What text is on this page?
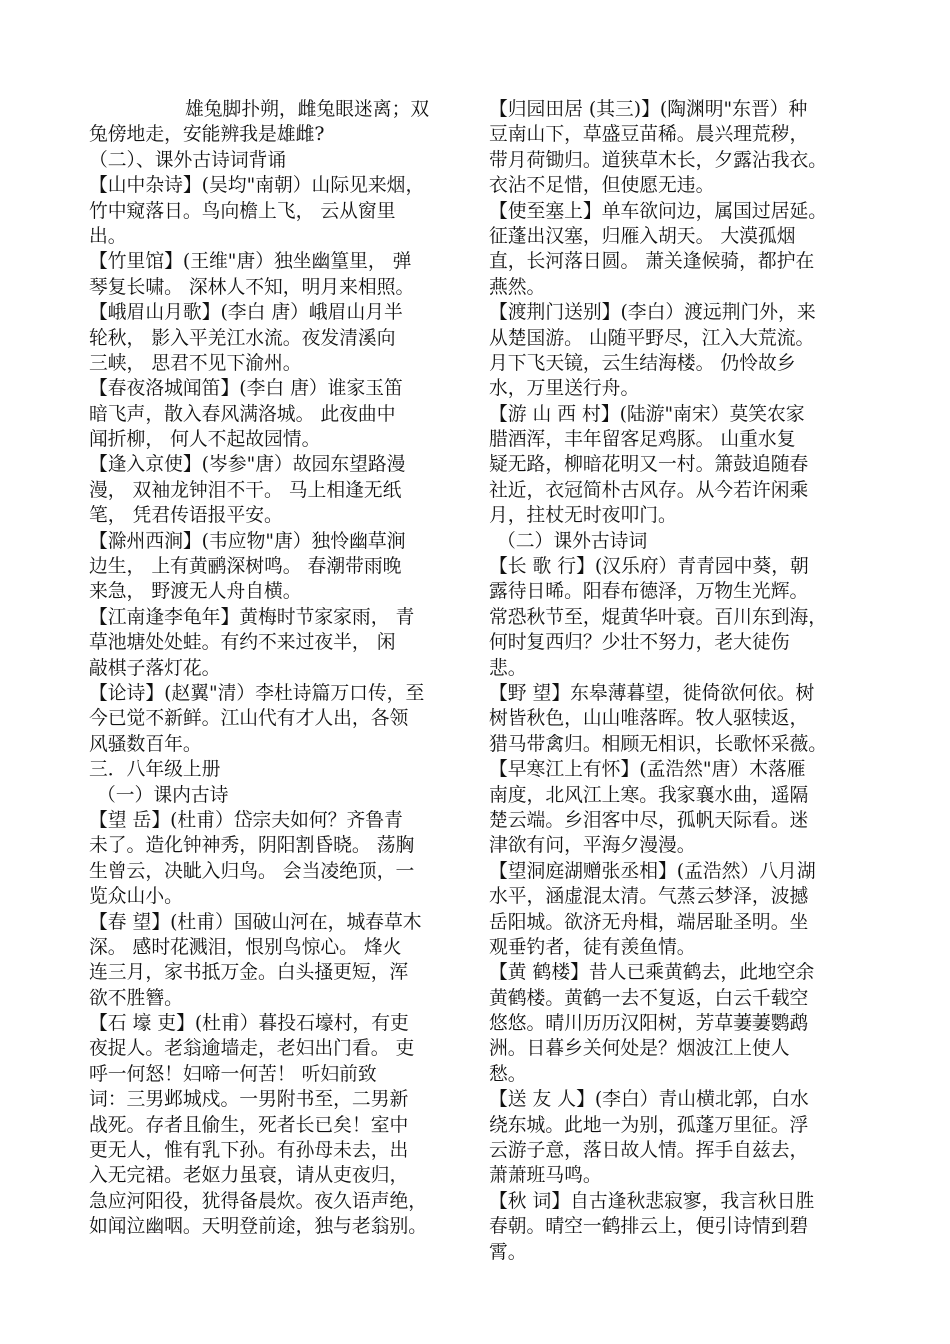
雄兔脚扑朔，雌兔眼迷离；双
兔傍地走，安能辨我是雄雌?
（二）、课外古诗词背诵
【山中杂诗】(吴均"南朝）山际见来烟，
竹中窥落日。鸟向檐上飞， 云从窗里
出。
【竹里馆】(王维"唐）独坐幽篁里， 弹
琴复长啸。 深林人不知，明月来相照。
【峨眉山月歌】(李白 唐）峨眉山月半
轮秋， 影入平羌江水流。夜发清溪向
三峡， 思君不见下渝州。
【春夜洛城闻笛】(李白 唐）谁家玉笛
暗飞声，散入春风满洛城。 此夜曲中
闻折柳， 何人不起故园情。
【逢入京使】(岑参"唐）故园东望路漫
漫， 双袖龙钟泪不干。 马上相逢无纸
笔， 凭君传语报平安。
【滁州西涧】(韦应物"唐）独怜幽草涧
边生， 上有黄鹂深树鸣。 春潮带雨晚
来急， 野渡无人舟自横。
【江南逢李龟年】黄梅时节家家雨， 青
草池塘处处蛙。有约不来过夜半， 闲
敲棋子落灯花。
【论诗】(赵翼"清）李杜诗篇万口传，至
今已觉不新鲜。江山代有才人出，各领
风骚数百年。
三．八年级上册
（一）课内古诗
【望 岳】(杜甫）岱宗夫如何？齐鲁青
未了。造化钟神秀，阴阳割昏晓。 荡胸
生曾云，决眦入归鸟。 会当凌绝顶，一
览众山小。
【春 望】(杜甫）国破山河在，城春草木
深。 感时花溅泪，恨别鸟惊心。 烽火
连三月，家书抵万金。白头搔更短，浑
欲不胜簪。
【石 壕 吏】(杜甫）暮投石壕村，有吏
夜捉人。老翁逾墙走，老妇出门看。 吏
呼一何怒！妇啼一何苦！ 听妇前致
词：三男邺城戍。一男附书至，二男新
战死。存者且偷生，死者长已矣！室中
更无人，惟有乳下孙。有孙母未去，出
入无完裙。老妪力虽衰，请从吏夜归，
急应河阳役，犹得备晨炊。夜久语声绝，
如闻泣幽咽。天明登前途，独与老翁别。
【归园田居 (其三)】(陶渊明"东晋）种
豆南山下，草盛豆苗稀。晨兴理荒秽，
带月荷锄归。道狭草木长，夕露沾我衣。
衣沾不足惜，但使愿无违。
【使至塞上】单车欲问边，属国过居延。
征蓬出汉塞，归雁入胡天。 大漠孤烟
直，长河落日圆。 萧关逢候骑，都护在
燕然。
【渡荆门送别】(李白）渡远荆门外，来
从楚国游。 山随平野尽，江入大荒流。
月下飞天镜，云生结海楼。 仍怜故乡
水，万里送行舟。
【游 山 西 村】(陆游"南宋）莫笑农家
腊酒浑，丰年留客足鸡豚。 山重水复
疑无路，柳暗花明又一村。箫鼓追随春
社近，衣冠简朴古风存。从今若许闲乘
月，拄杖无时夜叩门。
（二）课外古诗词
【长 歌 行】(汉乐府）青青园中葵，朝
露待日晞。阳春布德泽，万物生光辉。
常恐秋节至，焜黄华叶衰。百川东到海，
何时复西归？少壮不努力，老大徒伤
悲。
【野 望】东皋薄暮望，徙倚欲何依。树
树皆秋色，山山唯落晖。牧人驱犊返，
猎马带禽归。相顾无相识，长歌怀采薇。
【早寒江上有怀】(孟浩然"唐）木落雁
南度，北风江上寒。我家襄水曲，遥隔
楚云端。乡泪客中尽，孤帆天际看。迷
津欲有问，平海夕漫漫。
【望洞庭湖赠张丞相】(孟浩然）八月湖
水平，涵虚混太清。气蒸云梦泽，波撼
岳阳城。欲济无舟楫，端居耻圣明。坐
观垂钓者，徒有羡鱼情。
【黄 鹤楼】昔人已乘黄鹤去，此地空余
黄鹤楼。黄鹤一去不复返，白云千载空
悠悠。晴川历历汉阳树，芳草萋萋鹦鹉
洲。日暮乡关何处是？烟波江上使人
愁。
【送 友 人】(李白）青山横北郭，白水
绕东城。此地一为别，孤蓬万里征。浮
云游子意，落日故人情。挥手自兹去，
萧萧班马鸣。
【秋 词】自古逢秋悲寂寥，我言秋日胜
春朝。晴空一鹤排云上，便引诗情到碧
霄。
